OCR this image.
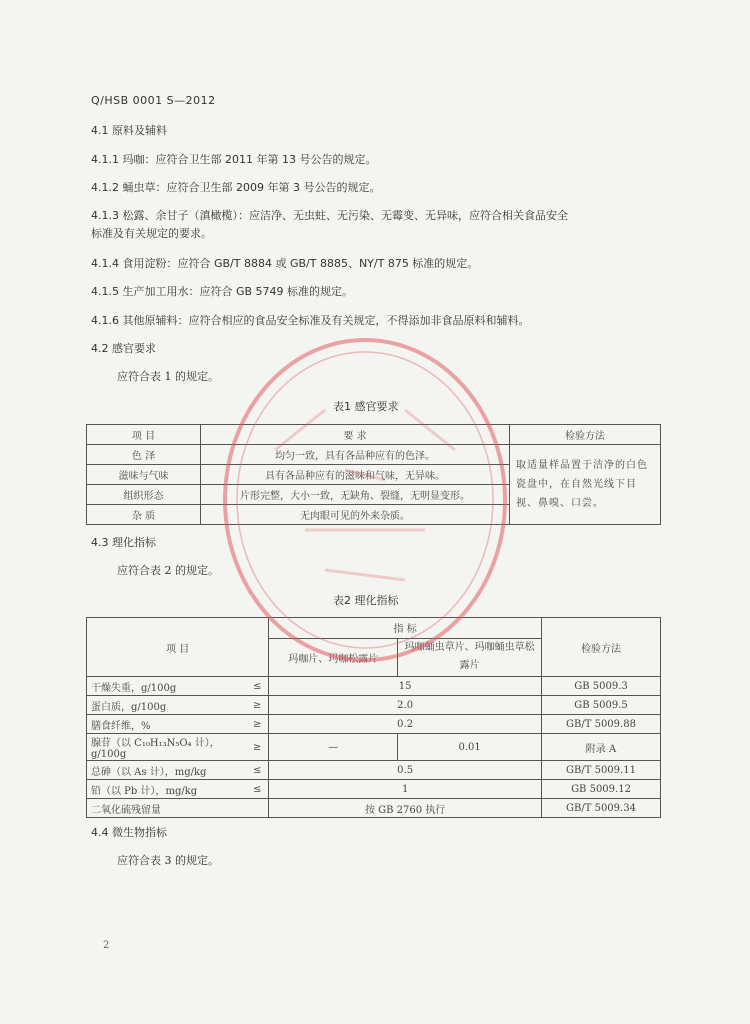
Q/HSB 0001 S—2012
4.1 原料及辅料
4.1.1 玛咖：应符合卫生部 2011 年第 13 号公告的规定。
4.1.2 蛹虫草：应符合卫生部 2009 年第 3 号公告的规定。
4.1.3 松露、余甘子（滇橄榄）：应洁净、无虫蛀、无污染、无霉变、无异味，应符合相关食品安全
标准及有关规定的要求。
4.1.4 食用淀粉：应符合 GB/T 8884 或 GB/T 8885、NY/T 875 标准的规定。
4.1.5 生产加工用水：应符合 GB 5749 标准的规定。
4.1.6 其他原辅料：应符合相应的食品安全标准及有关规定，不得添加非食品原料和辅料。
4.2 感官要求
应符合表 1 的规定。
表1 感官要求
项 目	要 求	检验方法
色 泽	均匀一致，具有各品种应有的色泽。	取适量样品置于洁净的白色瓷盘中，在自然光线下目视、鼻嗅、口尝。
滋味与气味	具有各品种应有的滋味和气味，无异味。	
组织形态	片形完整，大小一致，无缺角、裂缝，无明显变形。	
杂 质	无肉眼可见的外来杂质。	
4.3 理化指标
应符合表 2 的规定。
表2 理化指标
项 目		指 标		检验方法
		玛咖片、玛咖松露片	玛咖蛹虫草片、玛咖蛹虫草松露片	
干燥失重，g/100g	≤	15		GB 5009.3
蛋白质，g/100g	≥	2.0		GB 5009.5
膳食纤维，%	≥	0.2		GB/T 5009.88
腺苷（以 C₁₀H₁₃N₅O₄ 计），g/100g	≥	—	0.01	附录 A
总砷（以 As 计），mg/kg	≤	0.5		GB/T 5009.11
铅（以 Pb 计），mg/kg	≤	1		GB 5009.12
二氧化硫残留量		按 GB 2760 执行		GB/T 5009.34
4.4 微生物指标
应符合表 3 的规定。
2
